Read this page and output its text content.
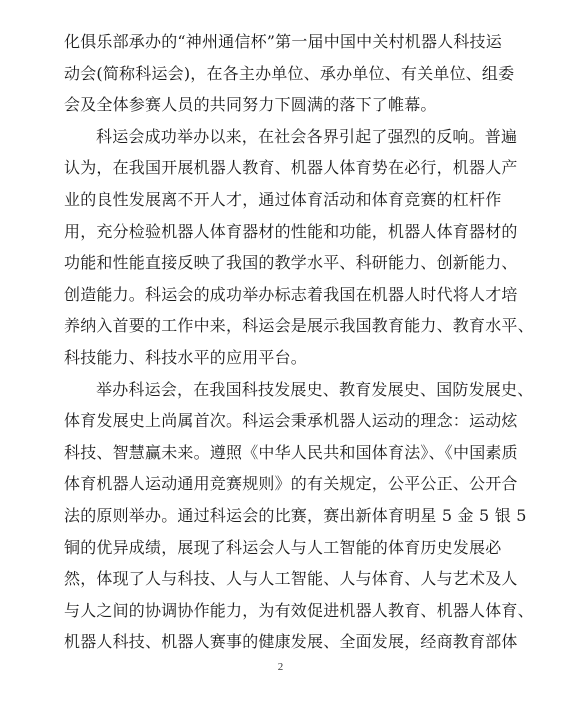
化俱乐部承办的“神州通信杯”第一届中国中关村机器人科技运
动会(简称科运会)，在各主办单位、承办单位、有关单位、组委
会及全体参赛人员的共同努力下圆满的落下了帷幕。
科运会成功举办以来，在社会各界引起了强烈的反响。普遍
认为，在我国开展机器人教育、机器人体育势在必行，机器人产
业的良性发展离不开人才，通过体育活动和体育竞赛的杠杆作
用，充分检验机器人体育器材的性能和功能，机器人体育器材的
功能和性能直接反映了我国的教学水平、科研能力、创新能力、
创造能力。科运会的成功举办标志着我国在机器人时代将人才培
养纳入首要的工作中来，科运会是展示我国教育能力、教育水平、
科技能力、科技水平的应用平台。
举办科运会，在我国科技发展史、教育发展史、国防发展史、
体育发展史上尚属首次。科运会秉承机器人运动的理念：运动炫
科技、智慧赢未来。遵照《中华人民共和国体育法》、《中国素质
体育机器人运动通用竞赛规则》的有关规定，公平公正、公开合
法的原则举办。通过科运会的比赛，赛出新体育明星 5 金 5 银 5
铜的优异成绩，展现了科运会人与人工智能的体育历史发展必
然，体现了人与科技、人与人工智能、人与体育、人与艺术及人
与人之间的协调协作能力，为有效促进机器人教育、机器人体育、
机器人科技、机器人赛事的健康发展、全面发展，经商教育部体
2
